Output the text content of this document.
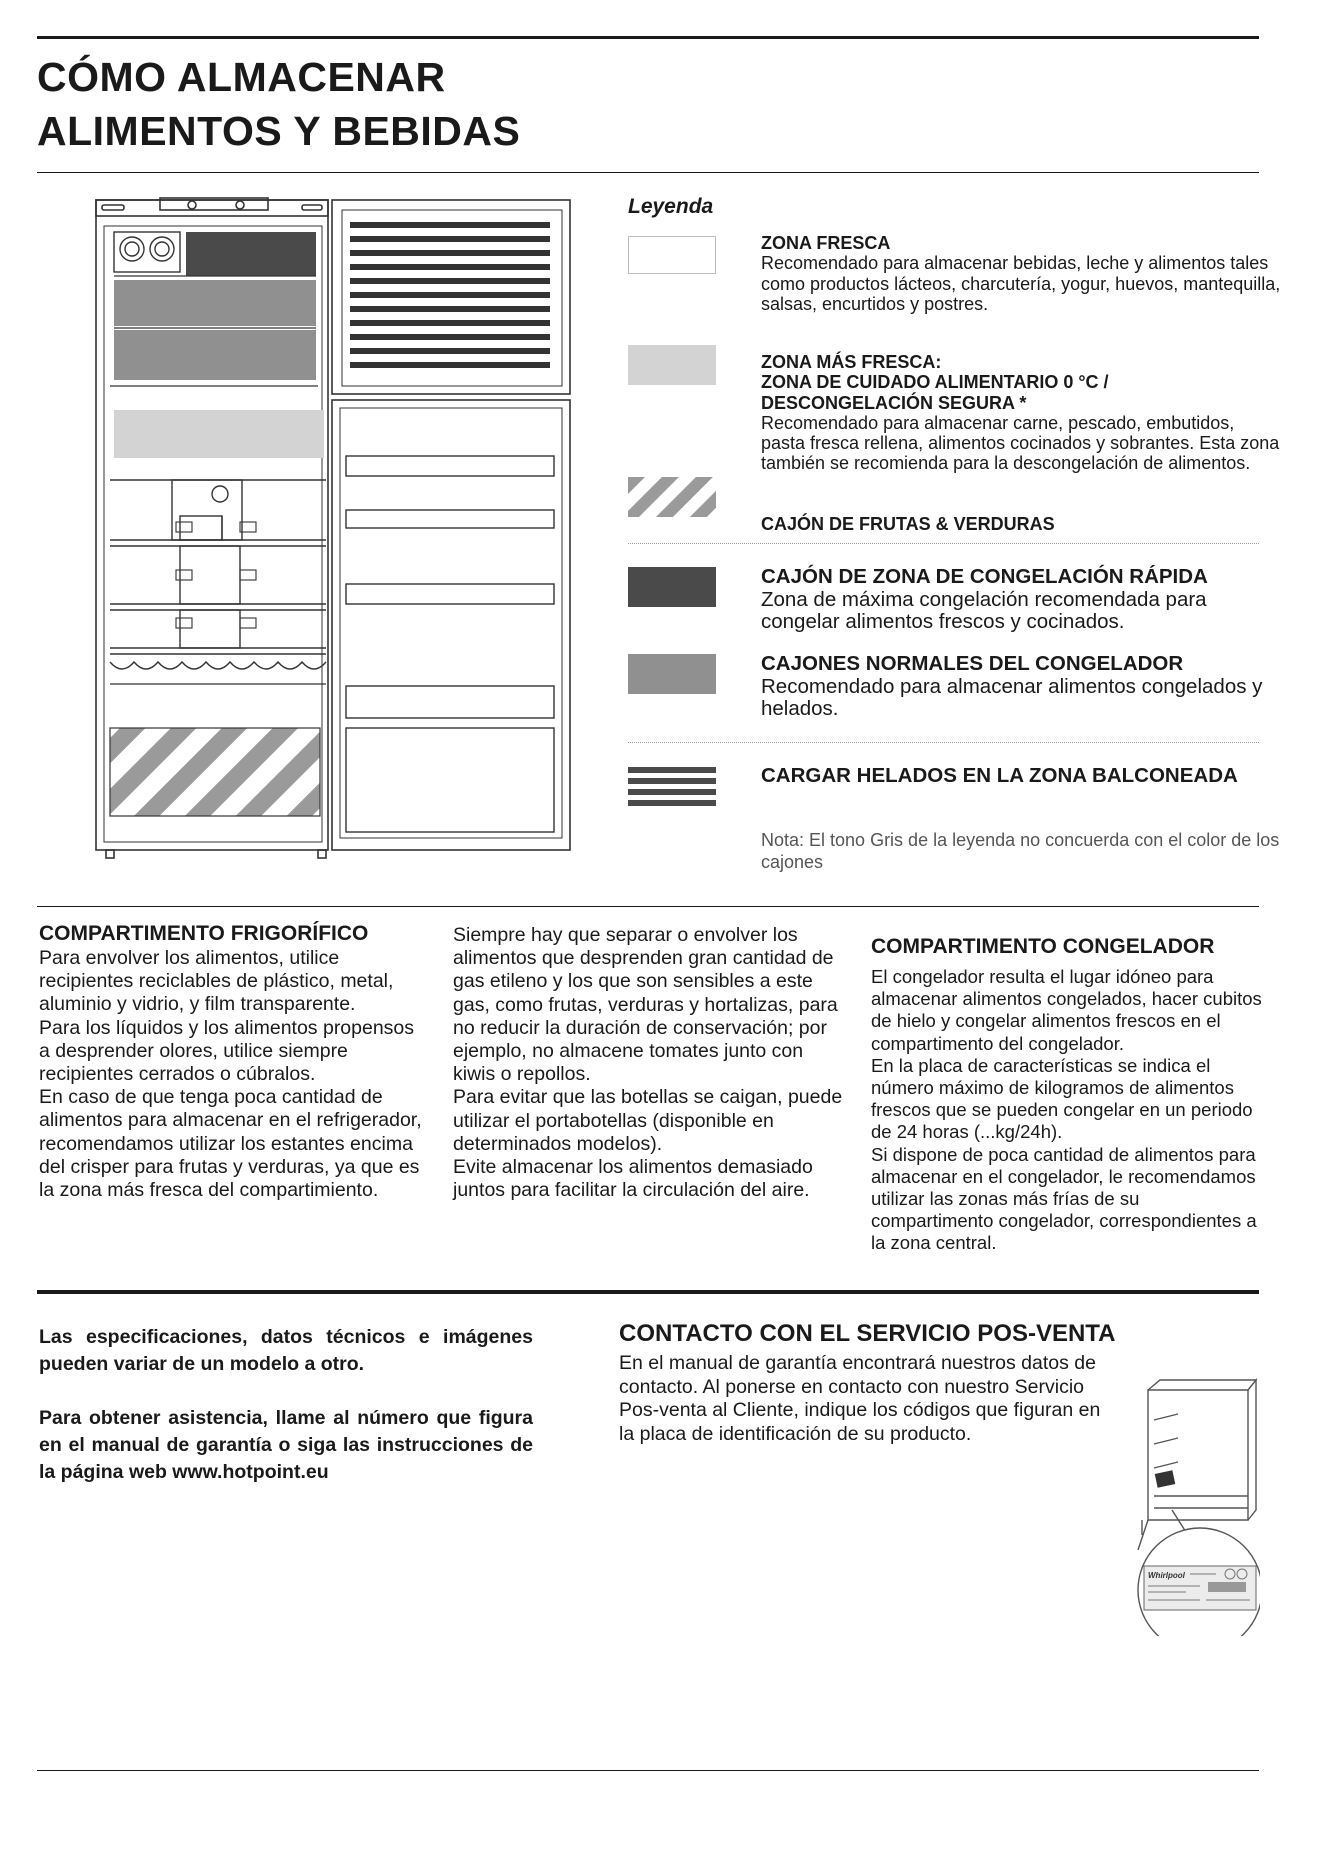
CÓMO ALMACENAR
ALIMENTOS Y BEBIDAS
Leyenda
ZONA FRESCA
Recomendado para almacenar bebidas, leche y alimentos tales como productos lácteos, charcutería, yogur, huevos, mantequilla, salsas, encurtidos y postres.
ZONA MÁS FRESCA:
ZONA DE CUIDADO ALIMENTARIO 0 °C / DESCONGELACIÓN SEGURA *
Recomendado para almacenar carne, pescado, embutidos, pasta fresca rellena, alimentos cocinados y sobrantes. Esta zona también se recomienda para la descongelación de alimentos.
CAJÓN DE FRUTAS & VERDURAS
CAJÓN DE ZONA DE CONGELACIÓN RÁPIDA
Zona de máxima congelación recomendada para congelar alimentos frescos y cocinados.
CAJONES NORMALES DEL CONGELADOR
Recomendado para almacenar alimentos congelados y helados.
CARGAR HELADOS EN LA ZONA BALCONEADA
Nota: El tono Gris de la leyenda no concuerda con el color de los cajones
COMPARTIMENTO FRIGORÍFICO

Para envolver los alimentos, utilice recipientes reciclables de plástico, metal, aluminio y vidrio, y film transparente.

Para los líquidos y los alimentos propensos a desprender olores, utilice siempre recipientes cerrados o cúbralos.

En caso de que tenga poca cantidad de alimentos para almacenar en el refrigerador, recomendamos utilizar los estantes encima del crisper para frutas y verduras, ya que es la zona más fresca del compartimiento.

Siempre hay que separar o envolver los alimentos que desprenden gran cantidad de gas etileno y los que son sensibles a este gas, como frutas, verduras y hortalizas, para no reducir la duración de conservación; por ejemplo, no almacene tomates junto con kiwis o repollos.

Para evitar que las botellas se caigan, puede utilizar el portabotellas (disponible en determinados modelos).

Evite almacenar los alimentos demasiado juntos para facilitar la circulación del aire.

COMPARTIMENTO CONGELADOR

El congelador resulta el lugar idóneo para almacenar alimentos congelados, hacer cubitos de hielo y congelar alimentos frescos en el compartimento del congelador.

En la placa de características se indica el número máximo de kilogramos de alimentos frescos que se pueden congelar en un periodo de 24 horas (...kg/24h).

Si dispone de poca cantidad de alimentos para almacenar en el congelador, le recomendamos utilizar las zonas más frías de su compartimento congelador, correspondientes a la zona central.

Las especificaciones, datos técnicos e imágenes pueden variar de un modelo a otro.

Para obtener asistencia, llame al número que figura en el manual de garantía o siga las instrucciones de la página web www.hotpoint.eu

CONTACTO CON EL SERVICIO POS-VENTA
En el manual de garantía encontrará nuestros datos de contacto. Al ponerse en contacto con nuestro Servicio Pos-venta al Cliente, indique los códigos que figuran en la placa de identificación de su producto.
Whirlpool
